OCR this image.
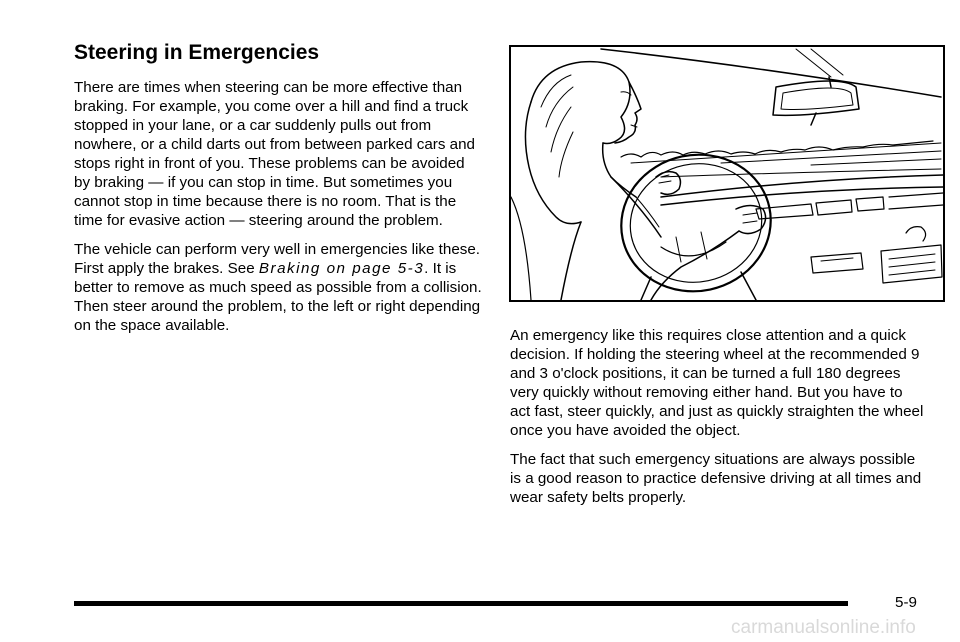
Steering in Emergencies

There are times when steering can be more effective than braking. For example, you come over a hill and find a truck stopped in your lane, or a car suddenly pulls out from nowhere, or a child darts out from between parked cars and stops right in front of you. These problems can be avoided by braking — if you can stop in time. But sometimes you cannot stop in time because there is no room. That is the time for evasive action — steering around the problem.

The vehicle can perform very well in emergencies like these. First apply the brakes. See Braking on page 5‑3. It is better to remove as much speed as possible from a collision. Then steer around the problem, to the left or right depending on the space available.

An emergency like this requires close attention and a quick decision. If holding the steering wheel at the recommended 9 and 3 o'clock positions, it can be turned a full 180 degrees very quickly without removing either hand. But you have to act fast, steer quickly, and just as quickly straighten the wheel once you have avoided the object.

The fact that such emergency situations are always possible is a good reason to practice defensive driving at all times and wear safety belts properly.

5-9
carmanualsonline.info
